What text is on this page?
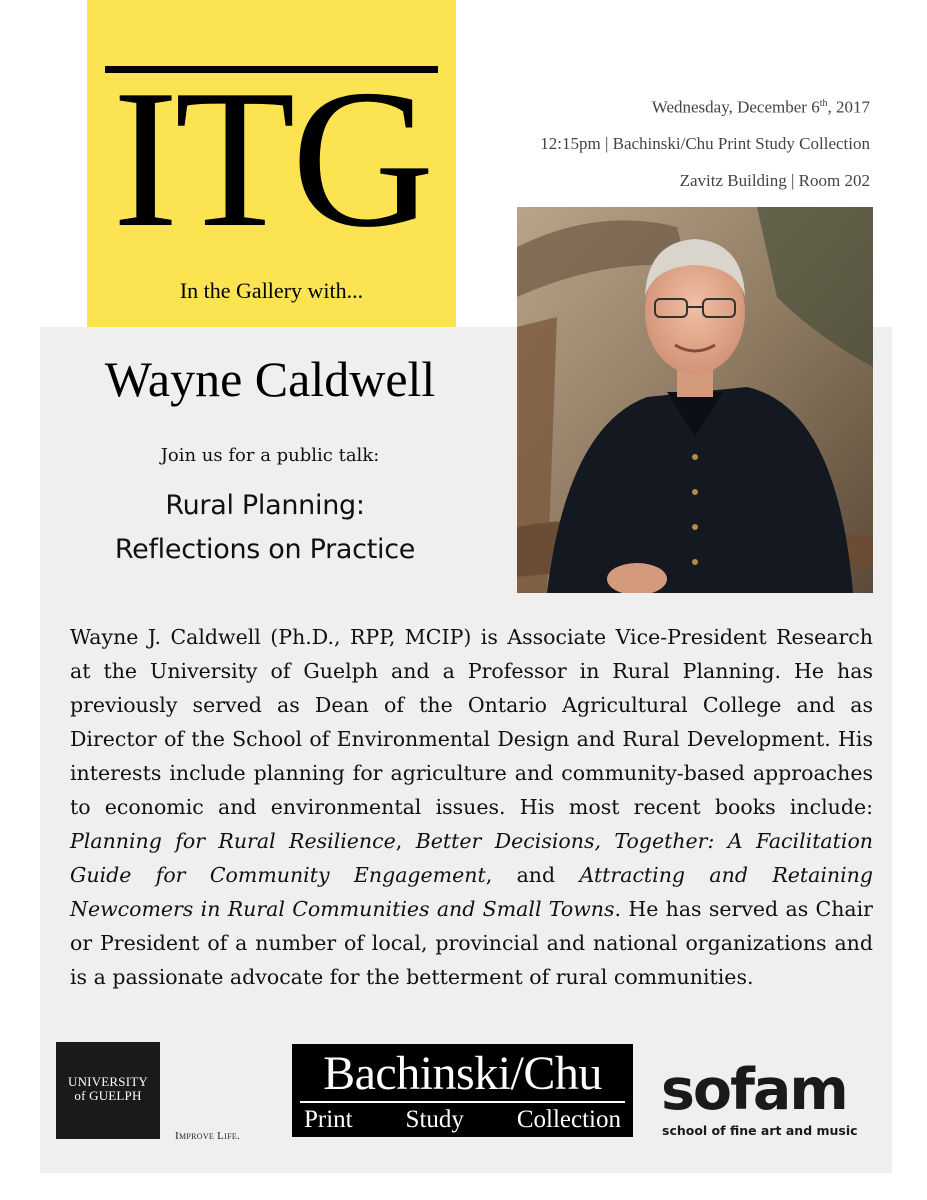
ITG
In the Gallery with...
Wednesday, December 6th, 2017
12:15pm | Bachinski/Chu Print Study Collection
Zavitz Building | Room 202
Wayne Caldwell
Join us for a public talk:
Rural Planning:
Reflections on Practice
Wayne J. Caldwell (Ph.D., RPP, MCIP) is Associate Vice-President Research at the University of Guelph and a Professor in Rural Planning. He has previously served as Dean of the Ontario Agricultural College and as Director of the School of Environmental Design and Rural Development. His interests include planning for agriculture and community-based approaches to economic and environmental issues. His most recent books include: Planning for Rural Resilience, Better Decisions, Together: A Facilitation Guide for Community Engagement, and Attracting and Retaining Newcomers in Rural Communities and Small Towns. He has served as Chair or President of a number of local, provincial and national organizations and is a passionate advocate for the betterment of rural communities.
UNIVERSITY
of GUELPH
Improve Life.
Bachinski/Chu
Print Study Collection sofam
school of fine art and music
